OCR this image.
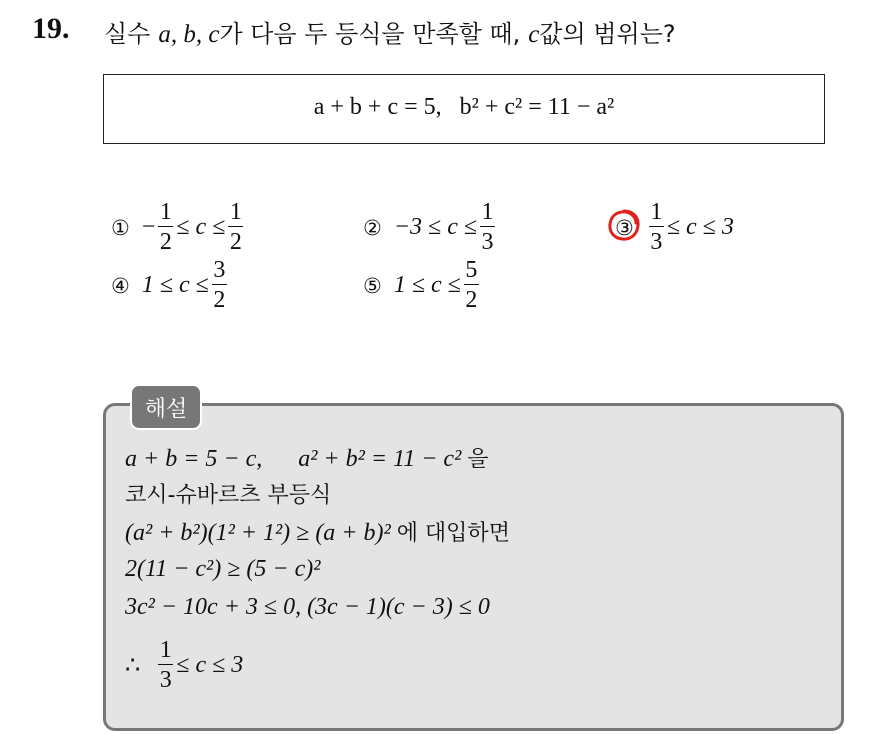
19. 실수 a, b, c가 다음 두 등식을 만족할 때, c값의 범위는?
a + b + c = 5,   b² + c² = 11 − a²
① − $\frac{1}{2} \le c \le \frac{1}{2}$	② $-3 \le c \le \frac{1}{3}$	③ $\frac{1}{3} \le c \le 3$
④ $1 \le c \le \frac{3}{2}$	⑤ $1 \le c \le \frac{5}{2}$
해설
a + b = 5 − c,      a² + b² = 11 − c² 을
코시-슈바르츠 부등식
(a² + b²)(1² + 1²) ≥ (a + b)² 에 대입하면
2(11 − c²) ≥ (5 − c)²
3c² − 10c + 3 ≤ 0, (3c − 1)(c − 3) ≤ 0
∴ $\frac{1}{3} \le c \le 3$
